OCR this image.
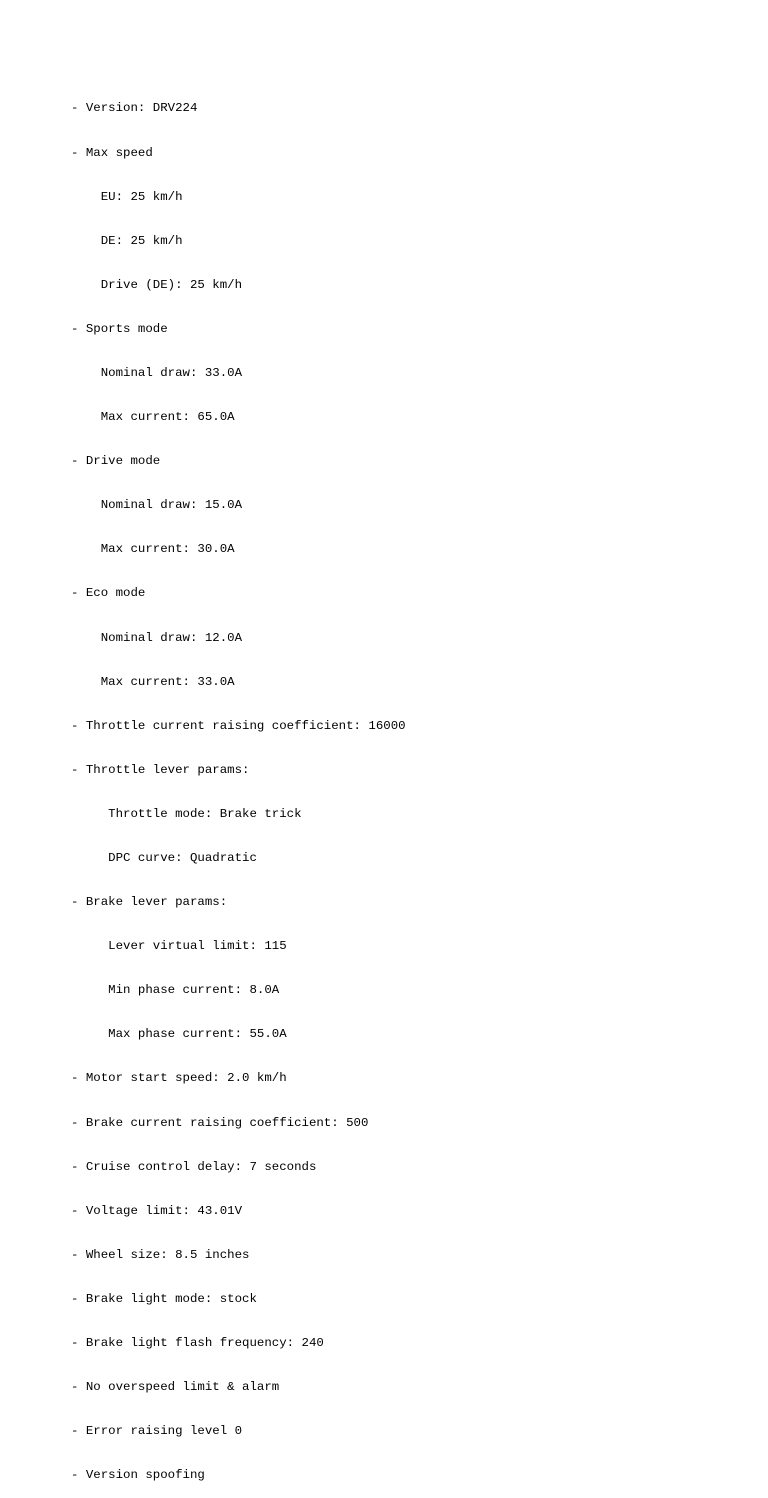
- Version: DRV224

- Max speed

EU: 25 km/h

DE: 25 km/h

Drive (DE): 25 km/h

- Sports mode

Nominal draw: 33.0A

Max current: 65.0A

- Drive mode

Nominal draw: 15.0A

Max current: 30.0A

- Eco mode

Nominal draw: 12.0A

Max current: 33.0A

- Throttle current raising coefficient: 16000

- Throttle lever params:

Throttle mode: Brake trick

DPC curve: Quadratic

- Brake lever params:

Lever virtual limit: 115

Min phase current: 8.0A

Max phase current: 55.0A

- Motor start speed: 2.0 km/h

- Brake current raising coefficient: 500

- Cruise control delay: 7 seconds

- Voltage limit: 43.01V

- Wheel size: 8.5 inches

- Brake light mode: stock

- Brake light flash frequency: 240

- No overspeed limit & alarm

- Error raising level 0

- Version spoofing
